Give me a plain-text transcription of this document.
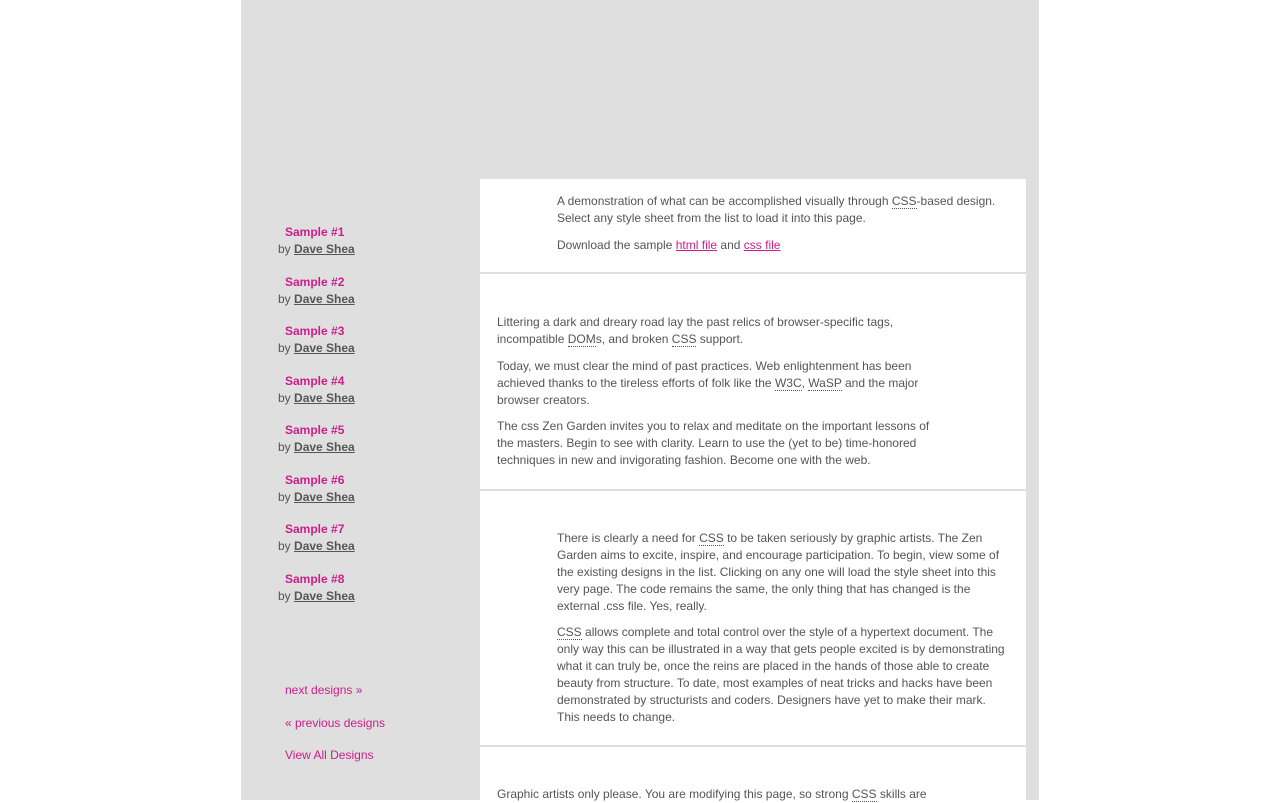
Sample #1
by Dave Shea
Sample #2
by Dave Shea
Sample #3
by Dave Shea
Sample #4
by Dave Shea
Sample #5
by Dave Shea
Sample #6
by Dave Shea
Sample #7
by Dave Shea
Sample #8
by Dave Shea
next designs »
« previous designs
View All Designs

A demonstration of what can be accomplished visually through CSS-based design. Select any style sheet from the list to load it into this page.

Download the sample html file and css file

Littering a dark and dreary road lay the past relics of browser-specific tags, incompatible DOMs, and broken CSS support.

Today, we must clear the mind of past practices. Web enlightenment has been achieved thanks to the tireless efforts of folk like the W3C, WaSP and the major browser creators.

The css Zen Garden invites you to relax and meditate on the important lessons of the masters. Begin to see with clarity. Learn to use the (yet to be) time-honored techniques in new and invigorating fashion. Become one with the web.

There is clearly a need for CSS to be taken seriously by graphic artists. The Zen Garden aims to excite, inspire, and encourage participation. To begin, view some of the existing designs in the list. Clicking on any one will load the style sheet into this very page. The code remains the same, the only thing that has changed is the external .css file. Yes, really.

CSS allows complete and total control over the style of a hypertext document. The only way this can be illustrated in a way that gets people excited is by demonstrating what it can truly be, once the reins are placed in the hands of those able to create beauty from structure. To date, most examples of neat tricks and hacks have been demonstrated by structurists and coders. Designers have yet to make their mark. This needs to change.

Graphic artists only please. You are modifying this page, so strong CSS skills are
